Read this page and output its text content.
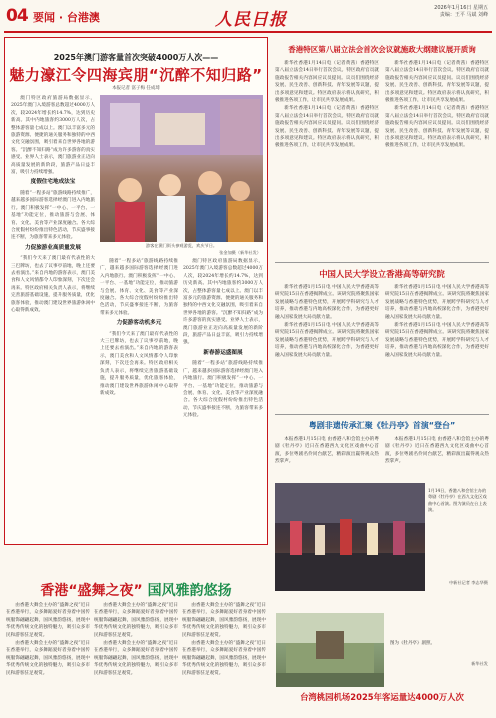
04 要闻 · 台港澳	人民日报
2026年1月16日 星期五
责编：王平 马斌 刘峰
2025年澳门游客量首次突破4000万人次——
魅力濠江令四海宾朋“沉醉不知归路”
本报记者 富子梅 任成琦

澳门特区政府旅游局数据显示，2025年澳门入境游客总数超过4000万人次，较2024年增长约14.7%，达到历史新高。其中内地旅客约3000万人次，占整体游客量七成以上。澳门以丰富多元的旅游资源、便捷的通关服务和独特的中西文化交融氛围，吸引着来自世界各地的游客。“沉醉不知归路”成为许多游客的真实感受。业界人士表示，澳门旅游业正迈向高质量发展的新阶段，旅游产品日益丰富，吸引力持续增强。

度假住宅地成法宝

随着“一程多站”旅游线路持续推广，越来越多国际游客选择经澳门进入内地旅行。澳门积极发挥“一中心、一平台、一基地”功能定位，推动旅游与会展、体育、文化、美食等产业深度融合。各大综合度假村纷纷推出特色活动，节庆盛事接连不断，为旅客带来多元体验。

力促旅游业高质量发展

“我们今天来了澳门最有代表性的大三巴牌坊，也去了议事亭前地，晚上还要去看演出。”来自内地的游客表示，澳门美食和人文风情都令人印象深刻，下次还会再来。特区政府相关负责人表示，将继续完善旅游基础设施，提升服务质量，优化旅客体验，推动澳门建设世界旅游休闲中心取得新成效。

游客在澳门街头参观游览，欢庆节日。
张金加摄（新华社发）

随着“一程多站”旅游线路持续推广，越来越多国际游客选择经澳门进入内地旅行。澳门积极发挥“一中心、一平台、一基地”功能定位，推动旅游与会展、体育、文化、美食等产业深度融合。各大综合度假村纷纷推出特色活动，节庆盛事接连不断，为旅客带来多元体验。

力促游客动机多元

“我们今天来了澳门最有代表性的大三巴牌坊，也去了议事亭前地，晚上还要去看演出。”来自内地的游客表示，澳门美食和人文风情都令人印象深刻，下次还会再来。特区政府相关负责人表示，将继续完善旅游基础设施，提升服务质量，优化旅客体验，推动澳门建设世界旅游休闲中心取得新成效。

澳门特区政府旅游局数据显示，2025年澳门入境游客总数超过4000万人次，较2024年增长约14.7%，达到历史新高。其中内地旅客约3000万人次，占整体游客量七成以上。澳门以丰富多元的旅游资源、便捷的通关服务和独特的中西文化交融氛围，吸引着来自世界各地的游客。“沉醉不知归路”成为许多游客的真实感受。业界人士表示，澳门旅游业正迈向高质量发展的新阶段，旅游产品日益丰富，吸引力持续增强。

新春游运盛图展

随着“一程多站”旅游线路持续推广，越来越多国际游客选择经澳门进入内地旅行。澳门积极发挥“一中心、一平台、一基地”功能定位，推动旅游与会展、体育、文化、美食等产业深度融合。各大综合度假村纷纷推出特色活动，节庆盛事接连不断，为旅客带来多元体验。

香港特区第八届立法会首次会议就施政大纲建议展开质询

新华社香港1月14日电（记者黄茜）香港特区第八届立法会14日举行首次会议。特区政府官员就施政报告相关内容回应议员提问。议员们围绕经济发展、民生改善、创新科技、青年发展等议题，提出多项意见和建议。特区政府表示将认真研究，积极推进各项工作，让市民共享发展成果。

新华社香港1月14日电（记者黄茜）香港特区第八届立法会14日举行首次会议。特区政府官员就施政报告相关内容回应议员提问。议员们围绕经济发展、民生改善、创新科技、青年发展等议题，提出多项意见和建议。特区政府表示将认真研究，积极推进各项工作，让市民共享发展成果。

新华社香港1月14日电（记者黄茜）香港特区第八届立法会14日举行首次会议。特区政府官员就施政报告相关内容回应议员提问。议员们围绕经济发展、民生改善、创新科技、青年发展等议题，提出多项意见和建议。特区政府表示将认真研究，积极推进各项工作，让市民共享发展成果。

新华社香港1月14日电（记者黄茜）香港特区第八届立法会14日举行首次会议。特区政府官员就施政报告相关内容回应议员提问。议员们围绕经济发展、民生改善、创新科技、青年发展等议题，提出多项意见和建议。特区政府表示将认真研究，积极推进各项工作，让市民共享发展成果。

中国人民大学设立香港高等研究院

新华社香港1月15日电 中国人民大学香港高等研究院15日在香港揭牌成立。该研究院将聚焦国家发展战略与香港特色优势，开展跨学科研究与人才培养，推动香港与内地高校深化合作，为香港更好融入国家发展大局贡献力量。

新华社香港1月15日电 中国人民大学香港高等研究院15日在香港揭牌成立。该研究院将聚焦国家发展战略与香港特色优势，开展跨学科研究与人才培养，推动香港与内地高校深化合作，为香港更好融入国家发展大局贡献力量。

新华社香港1月15日电 中国人民大学香港高等研究院15日在香港揭牌成立。该研究院将聚焦国家发展战略与香港特色优势，开展跨学科研究与人才培养，推动香港与内地高校深化合作，为香港更好融入国家发展大局贡献力量。

新华社香港1月15日电 中国人民大学香港高等研究院15日在香港揭牌成立。该研究院将聚焦国家发展战略与香港特色优势，开展跨学科研究与人才培养，推动香港与内地高校深化合作，为香港更好融入国家发展大局贡献力量。

粤剧非遗传承汇聚《牡丹亭》首演“登台”

本报香港1月15日电 由香港八和会馆主办的粤剧《牡丹亭》近日在香港西九文化区戏曲中心首演，多位粤剧名伶同台献艺，精彩演出赢得观众热烈掌声。

本报香港1月15日电 由香港八和会馆主办的粤剧《牡丹亭》近日在香港西九文化区戏曲中心首演，多位粤剧名伶同台献艺，精彩演出赢得观众热烈掌声。

1月14日，香港八和会馆主办的粤剧《牡丹亭》在西九文化区戏曲中心首演。图为演员在台上表演。
中新社记者 李志华摄
香港“盛舞之夜” 国风雅韵悠扬

由香港大舞会主办的“盛舞之夜”近日在香港举行，众多舞蹈爱好者身着中国传统服饰翩翩起舞，国风雅韵悠扬，展现中华优秀传统文化的独特魅力，吸引众多市民和游客驻足观赏。

由香港大舞会主办的“盛舞之夜”近日在香港举行，众多舞蹈爱好者身着中国传统服饰翩翩起舞，国风雅韵悠扬，展现中华优秀传统文化的独特魅力，吸引众多市民和游客驻足观赏。

由香港大舞会主办的“盛舞之夜”近日在香港举行，众多舞蹈爱好者身着中国传统服饰翩翩起舞，国风雅韵悠扬，展现中华优秀传统文化的独特魅力，吸引众多市民和游客驻足观赏。

由香港大舞会主办的“盛舞之夜”近日在香港举行，众多舞蹈爱好者身着中国传统服饰翩翩起舞，国风雅韵悠扬，展现中华优秀传统文化的独特魅力，吸引众多市民和游客驻足观赏。

由香港大舞会主办的“盛舞之夜”近日在香港举行，众多舞蹈爱好者身着中国传统服饰翩翩起舞，国风雅韵悠扬，展现中华优秀传统文化的独特魅力，吸引众多市民和游客驻足观赏。

由香港大舞会主办的“盛舞之夜”近日在香港举行，众多舞蹈爱好者身着中国传统服饰翩翩起舞，国风雅韵悠扬，展现中华优秀传统文化的独特魅力，吸引众多市民和游客驻足观赏。

图为《牡丹亭》剧照。
新华社发
台湾桃园机场2025年客运量达4000万人次
